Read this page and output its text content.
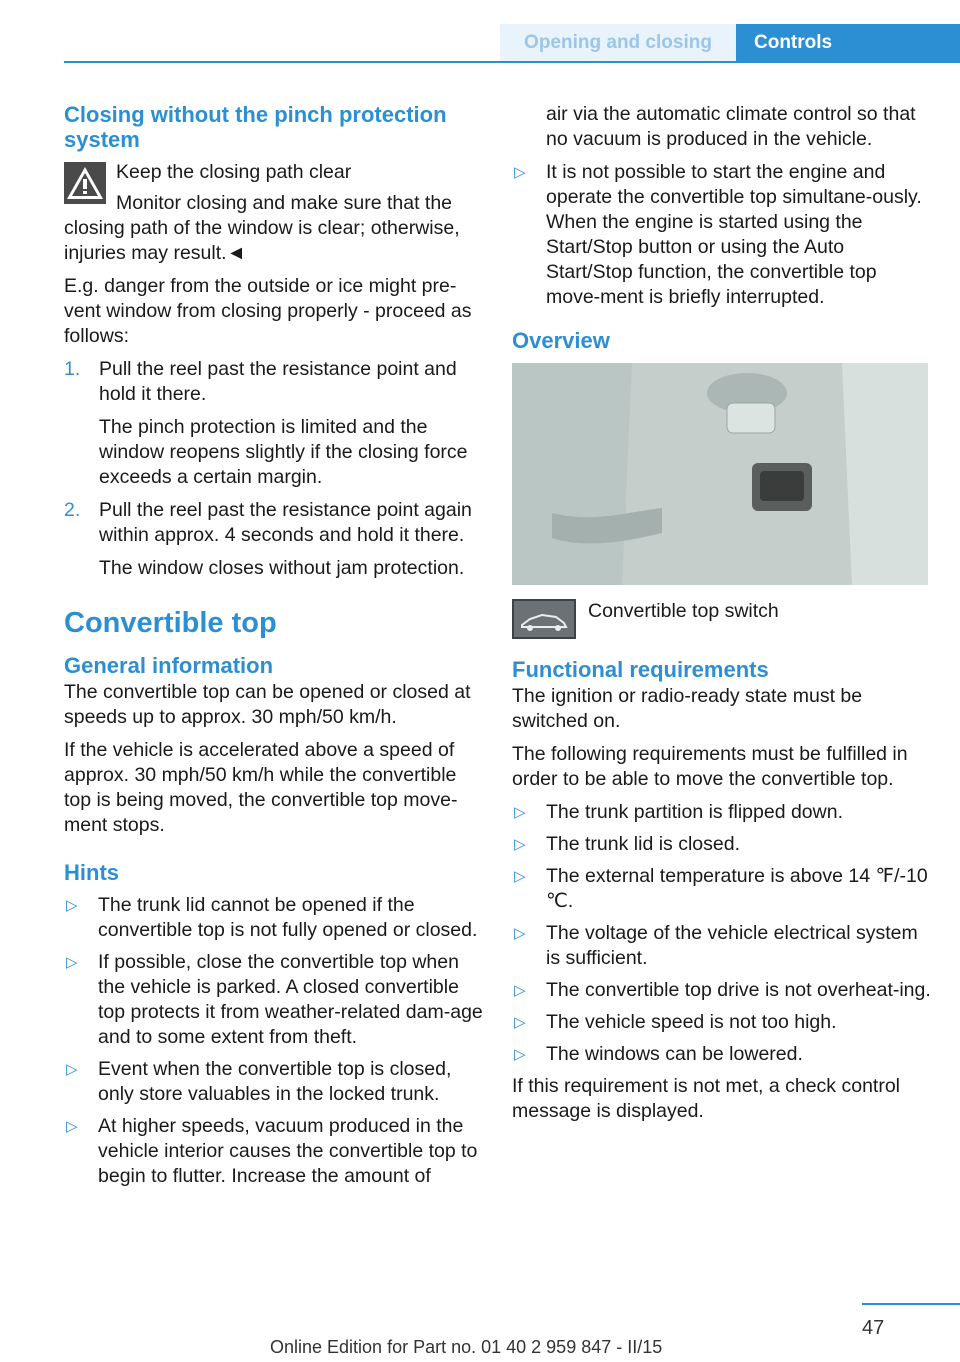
Opening and closing	Controls
Closing without the pinch protection system

Keep the closing path clear

Monitor closing and make sure that the closing path of the window is clear; otherwise, injuries may result.◄

E.g. danger from the outside or ice might pre‐vent window from closing properly - proceed as follows:

1. Pull the reel past the resistance point and hold it there.
The pinch protection is limited and the window reopens slightly if the closing force exceeds a certain margin.
2. Pull the reel past the resistance point again within approx. 4 seconds and hold it there.
The window closes without jam protection.
Convertible top
General information

The convertible top can be opened or closed at speeds up to approx. 30 mph/50 km/h.

If the vehicle is accelerated above a speed of approx. 30 mph/50 km/h while the convertible top is being moved, the convertible top move‐ment stops.

Hints
▷ The trunk lid cannot be opened if the convertible top is not fully opened or closed.
▷ If possible, close the convertible top when the vehicle is parked. A closed convertible top protects it from weather-related dam‐age and to some extent from theft.
▷ Event when the convertible top is closed, only store valuables in the locked trunk.
▷ At higher speeds, vacuum produced in the vehicle interior causes the convertible top to begin to flutter. Increase the amount of
air via the automatic climate control so that no vacuum is produced in the vehicle.
▷ It is not possible to start the engine and operate the convertible top simultane‐ously. When the engine is started using the Start/Stop button or using the Auto Start/Stop function, the convertible top move‐ment is briefly interrupted.
Overview
Convertible top switch
Functional requirements

The ignition or radio-ready state must be switched on.

The following requirements must be fulfilled in order to be able to move the convertible top.

▷ The trunk partition is flipped down.
▷ The trunk lid is closed.
▷ The external temperature is above 14 ℉/-10 ℃.
▷ The voltage of the vehicle electrical system is sufficient.
▷ The convertible top drive is not overheat‐ing.
▷ The vehicle speed is not too high.
▷ The windows can be lowered.

If this requirement is not met, a check control message is displayed.

47
Online Edition for Part no. 01 40 2 959 847 - II/15
